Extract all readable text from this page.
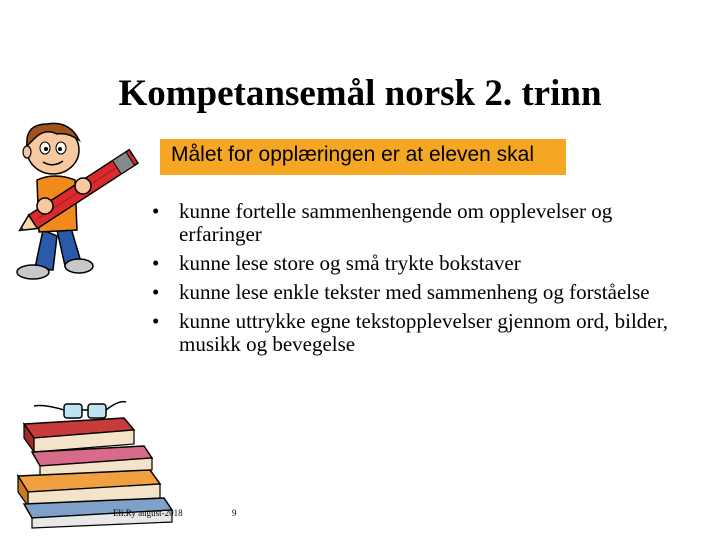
Kompetansemål norsk 2. trinn
Målet for opplæringen er at eleven skal
• kunne fortelle sammenhengende om opplevelser og erfaringer
• kunne lese store og små trykte bokstaver
• kunne lese enkle tekster med sammenheng og forståelse
• kunne uttrykke egne tekstopplevelser gjennom ord, bilder, musikk og bevegelse
Eli.Ry august-2018	9
